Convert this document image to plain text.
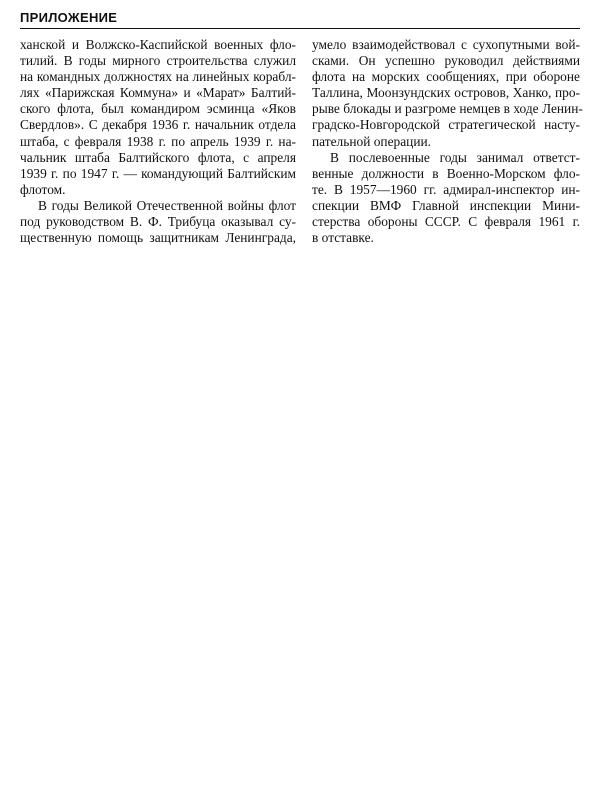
ПРИЛОЖЕНИЕ
ханской и Волжско-Каспийской военных фло-
тилий. В годы мирного строительства служил
на командных должностях на линейных корабл-
лях «Парижская Коммуна» и «Марат» Балтий-
ского флота, был командиром эсминца «Яков
Свердлов». С декабря 1936 г. начальник отдела
штаба, с февраля 1938 г. по апрель 1939 г. на-
чальник штаба Балтийского флота, с апреля
1939 г. по 1947 г. — командующий Балтийским
флотом.
В годы Великой Отечественной войны флот
под руководством В. Ф. Трибуца оказывал су-
щественную помощь защитникам Ленинграда,
умело взаимодействовал с сухопутными вой-
сками. Он успешно руководил действиями
флота на морских сообщениях, при обороне
Таллина, Моонзундских островов, Ханко, про-
рыве блокады и разгроме немцев в ходе Ленин-
градско-Новгородской стратегической насту-
пательной операции.
В послевоенные годы занимал ответст-
венные должности в Военно-Морском фло-
те. В 1957—1960 гг. адмирал-инспектор ин-
спекции ВМФ Главной инспекции Мини-
стерства обороны СССР. С февраля 1961 г.
в отставке.
